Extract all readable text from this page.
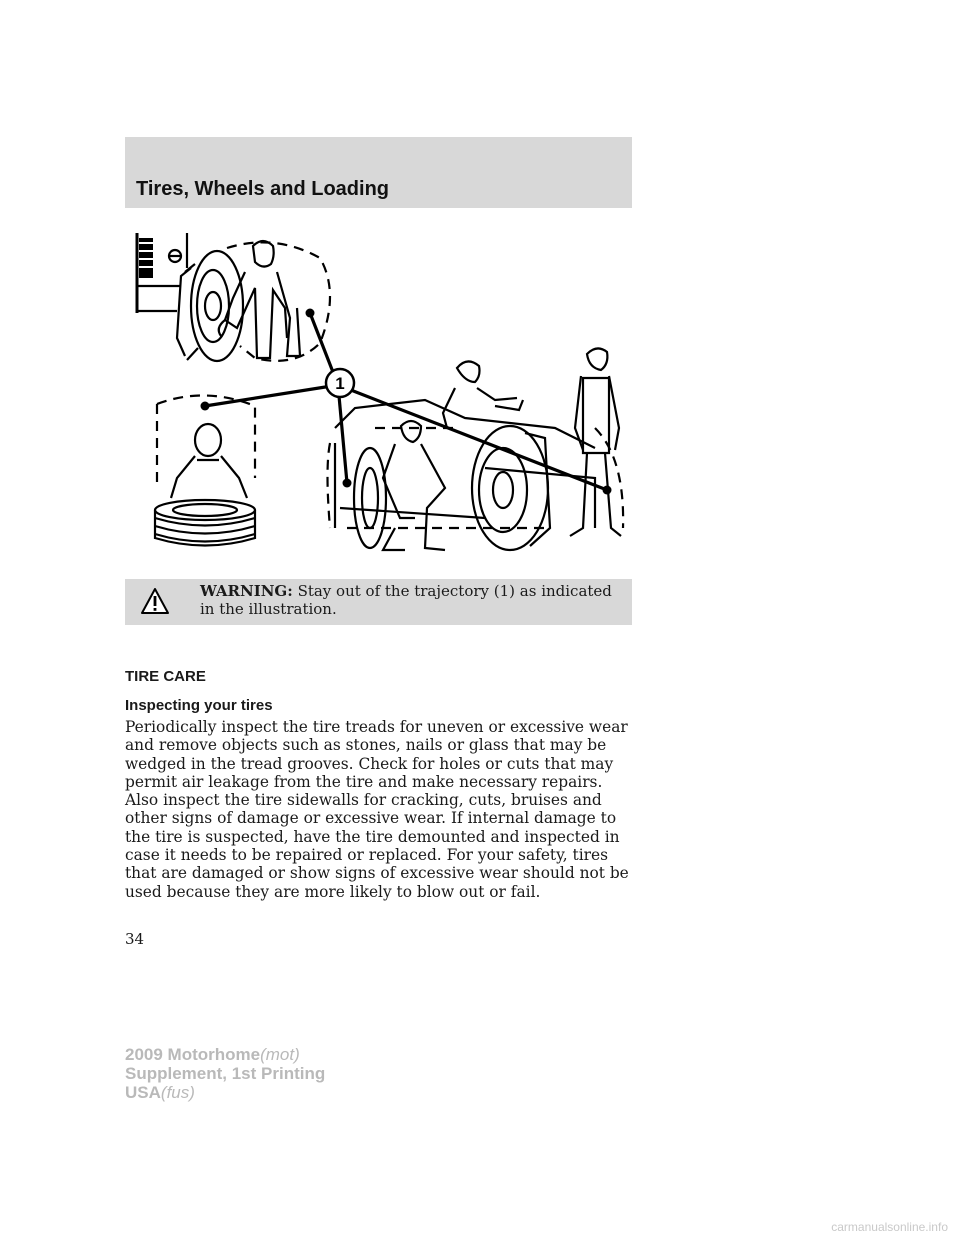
Tires, Wheels and Loading
1
WARNING: Stay out of the trajectory (1) as indicated in the illustration.
TIRE CARE
Inspecting your tires

Periodically inspect the tire treads for uneven or excessive wear and remove objects such as stones, nails or glass that may be wedged in the tread grooves. Check for holes or cuts that may permit air leakage from the tire and make necessary repairs. Also inspect the tire sidewalls for cracking, cuts, bruises and other signs of damage or excessive wear. If internal damage to the tire is suspected, have the tire demounted and inspected in case it needs to be repaired or replaced. For your safety, tires that are damaged or show signs of excessive wear should not be used because they are more likely to blow out or fail.

34
2009 Motorhome(mot)
Supplement, 1st Printing
USA(fus)
carmanualsonline.info
